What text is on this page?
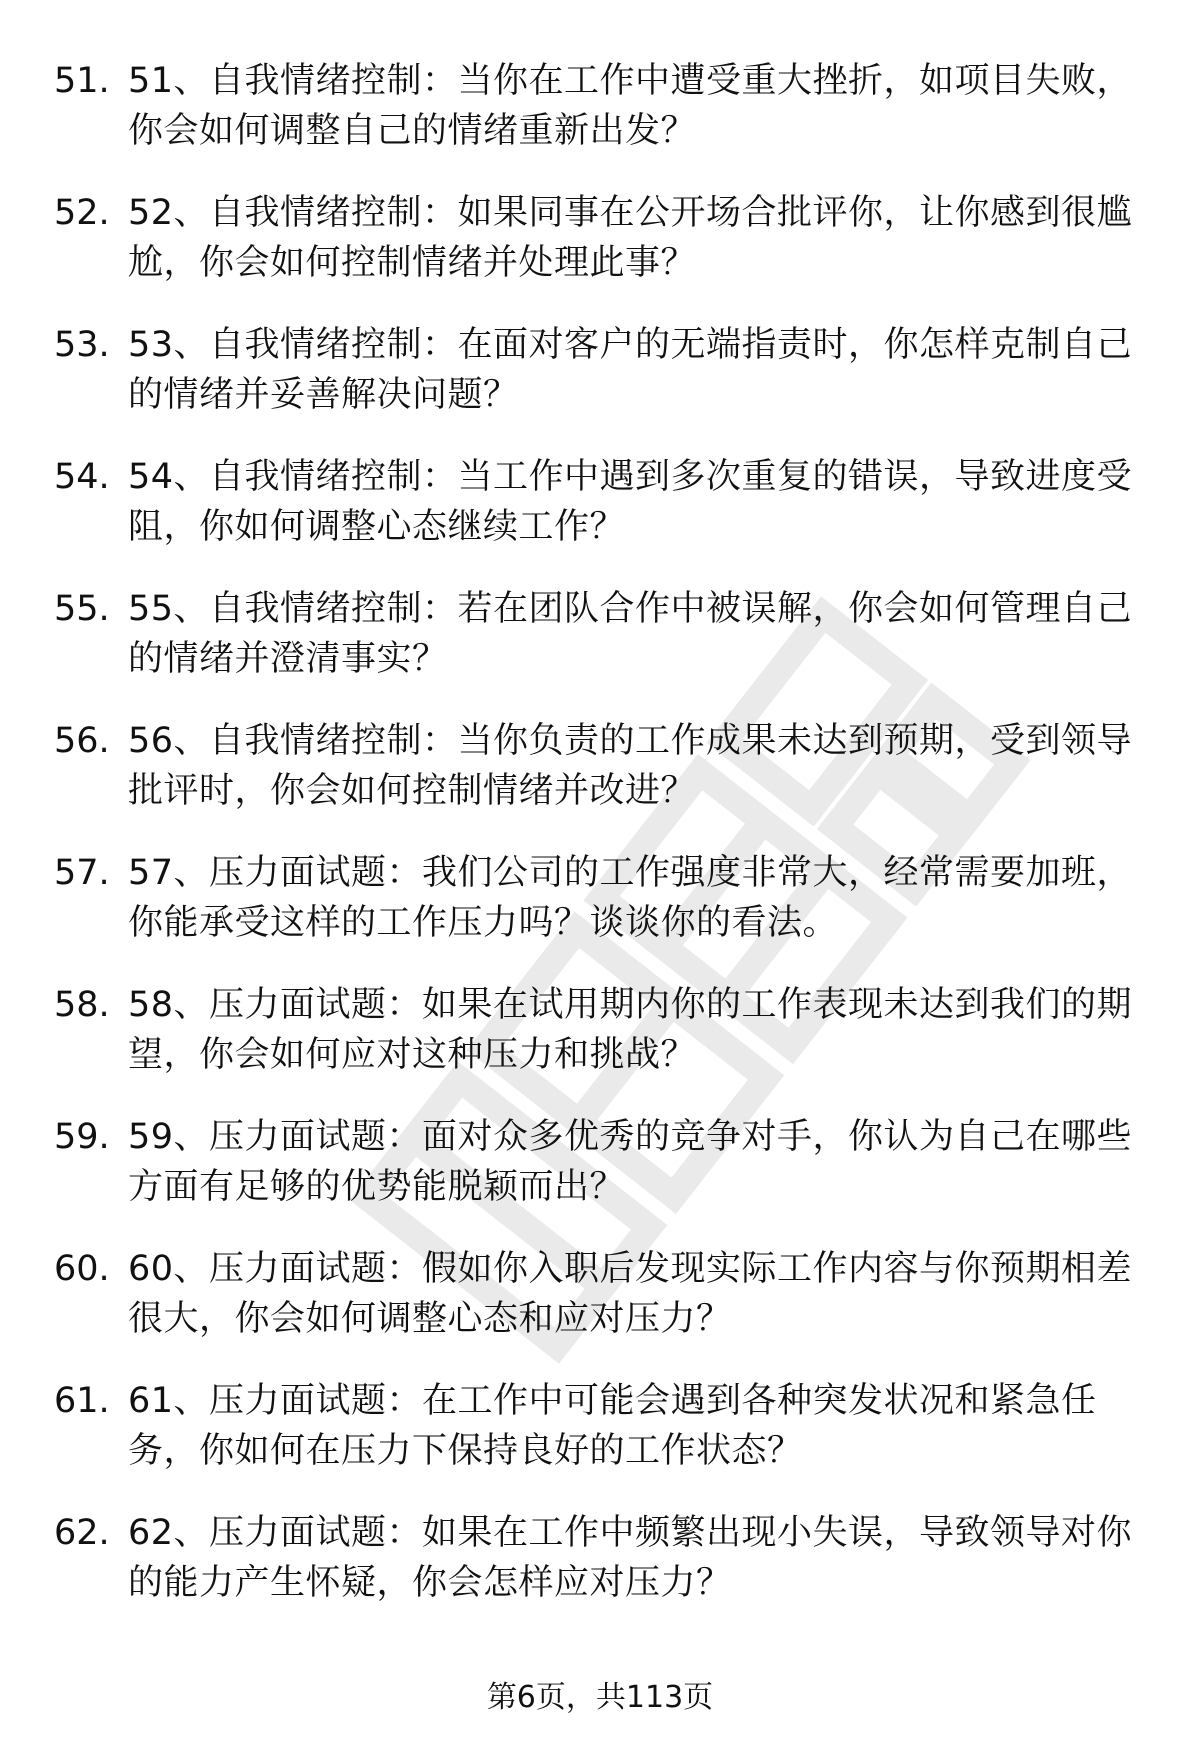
51. 51、自我情绪控制：当你在工作中遭受重大挫折，如项目失败，你会如何调整自己的情绪重新出发？
52. 52、自我情绪控制：如果同事在公开场合批评你，让你感到很尴尬，你会如何控制情绪并处理此事？
53. 53、自我情绪控制：在面对客户的无端指责时，你怎样克制自己的情绪并妥善解决问题？
54. 54、自我情绪控制：当工作中遇到多次重复的错误，导致进度受阻，你如何调整心态继续工作？
55. 55、自我情绪控制：若在团队合作中被误解，你会如何管理自己的情绪并澄清事实？
56. 56、自我情绪控制：当你负责的工作成果未达到预期，受到领导批评时，你会如何控制情绪并改进？
57. 57、压力面试题：我们公司的工作强度非常大，经常需要加班，你能承受这样的工作压力吗？谈谈你的看法。
58. 58、压力面试题：如果在试用期内你的工作表现未达到我们的期望，你会如何应对这种压力和挑战？
59. 59、压力面试题：面对众多优秀的竞争对手，你认为自己在哪些方面有足够的优势能脱颖而出？
60. 60、压力面试题：假如你入职后发现实际工作内容与你预期相差很大，你会如何调整心态和应对压力？
61. 61、压力面试题：在工作中可能会遇到各种突发状况和紧急任务，你如何在压力下保持良好的工作状态？
62. 62、压力面试题：如果在工作中频繁出现小失误，导致领导对你的能力产生怀疑，你会怎样应对压力？
第6页，共113页
